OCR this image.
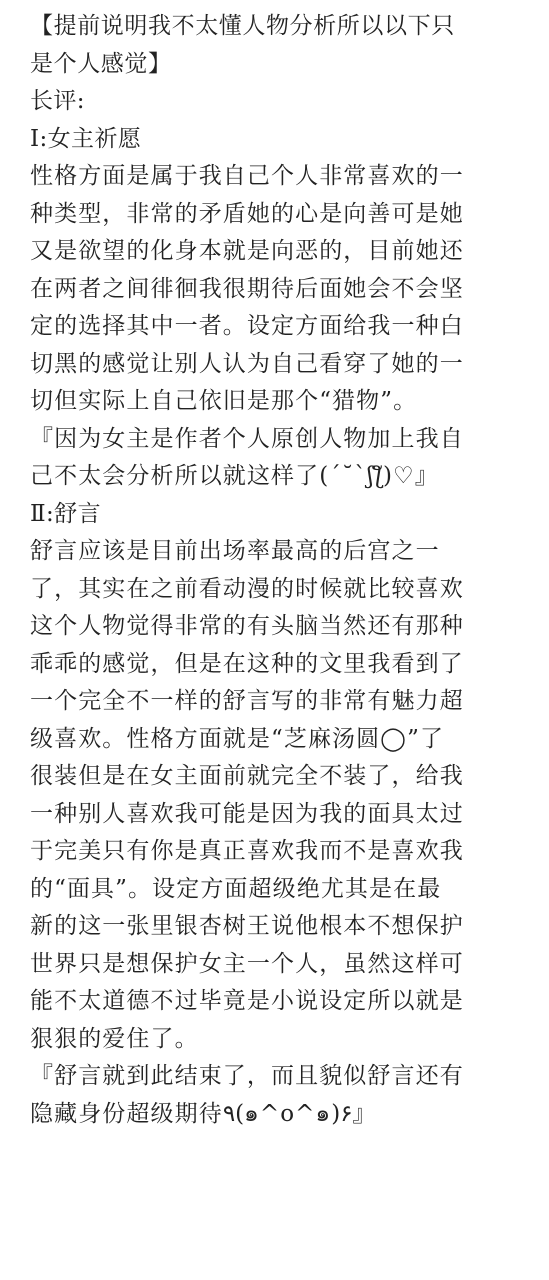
【提前说明我不太懂人物分析所以以下只
是个人感觉】
长评:
Ⅰ:女主祈愿
性格方面是属于我自己个人非常喜欢的一
种类型，非常的矛盾她的心是向善可是她
又是欲望的化身本就是向恶的，目前她还
在两者之间徘徊我很期待后面她会不会坚
定的选择其中一者。设定方面给我一种白
切黑的感觉让别人认为自己看穿了她的一
切但实际上自己依旧是那个“猎物”。
『因为女主是作者个人原创人物加上我自
己不太会分析所以就这样了(´˘`ʃƪ)♡』
Ⅱ:舒言
舒言应该是目前出场率最高的后宫之一
了，其实在之前看动漫的时候就比较喜欢
这个人物觉得非常的有头脑当然还有那种
乖乖的感觉，但是在这种的文里我看到了
一个完全不一样的舒言写的非常有魅力超
级喜欢。性格方面就是“芝麻汤圆◯”了
很装但是在女主面前就完全不装了，给我
一种别人喜欢我可能是因为我的面具太过
于完美只有你是真正喜欢我而不是喜欢我
的“面具”。设定方面超级绝尤其是在最
新的这一张里银杏树王说他根本不想保护
世界只是想保护女主一个人，虽然这样可
能不太道德不过毕竟是小说设定所以就是
狠狠的爱住了。
『舒言就到此结束了，而且貌似舒言还有
隐藏身份超级期待٩(๑^o^๑)۶』
